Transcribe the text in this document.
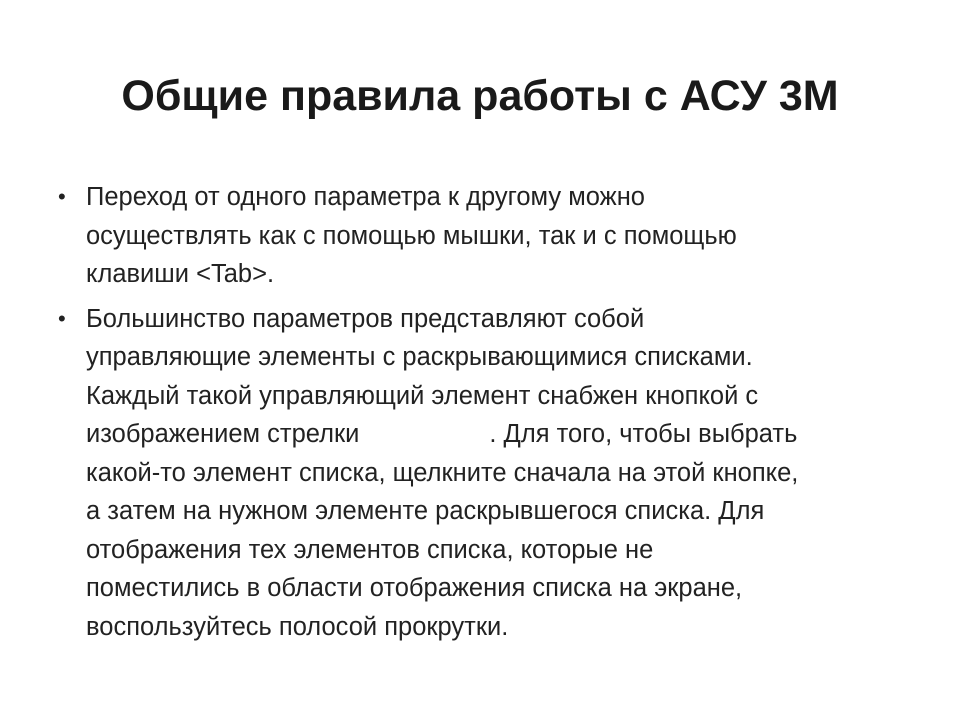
Общие правила работы с АСУ 3М
• Переход от одного параметра к другому можно
осуществлять как с помощью мышки, так и с помощью
клавиши <Tab>.
• Большинство параметров представляют собой
управляющие элементы с раскрывающимися списками.
Каждый такой управляющий элемент снабжен кнопкой с
изображением стрелки	. Для того, чтобы выбрать
какой-то элемент списка, щелкните сначала на этой кнопке,
а затем на нужном элементе раскрывшегося списка. Для
отображения тех элементов списка, которые не
поместились в области отображения списка на экране,
воспользуйтесь полосой прокрутки.
